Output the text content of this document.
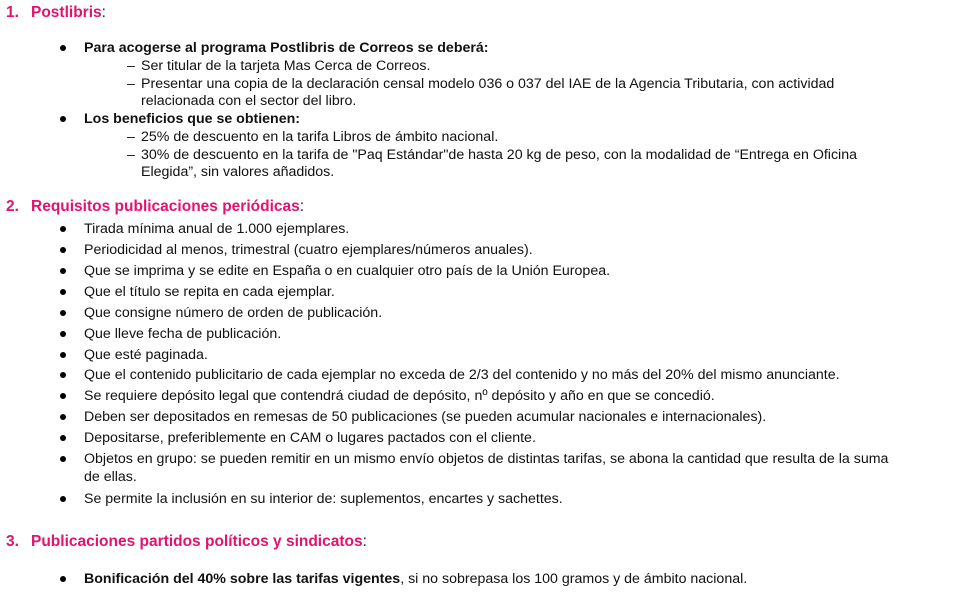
1. Postlibris:
Para acogerse al programa Postlibris de Correos se deberá:
– Ser titular de la tarjeta Mas Cerca de Correos.
– Presentar una copia de la declaración censal modelo 036 o 037 del IAE de la Agencia Tributaria, con actividad
relacionada con el sector del libro.
Los beneficios que se obtienen:
– 25% de descuento en la tarifa Libros de ámbito nacional.
– 30% de descuento en la tarifa de "Paq Estándar"de hasta 20 kg de peso, con la modalidad de “Entrega en Oficina
Elegida”, sin valores añadidos.
2. Requisitos publicaciones periódicas:
Tirada mínima anual de 1.000 ejemplares.
Periodicidad al menos, trimestral (cuatro ejemplares/números anuales).
Que se imprima y se edite en España o en cualquier otro país de la Unión Europea.
Que el título se repita en cada ejemplar.
Que consigne número de orden de publicación.
Que lleve fecha de publicación.
Que esté paginada.
Que el contenido publicitario de cada ejemplar no exceda de 2/3 del contenido y no más del 20% del mismo anunciante.
Se requiere depósito legal que contendrá ciudad de depósito, nº depósito y año en que se concedió.
Deben ser depositados en remesas de 50 publicaciones (se pueden acumular nacionales e internacionales).
Depositarse, preferiblemente en CAM o lugares pactados con el cliente.
Objetos en grupo: se pueden remitir en un mismo envío objetos de distintas tarifas, se abona la cantidad que resulta de la suma
de ellas.
Se permite la inclusión en su interior de: suplementos, encartes y sachettes.
3. Publicaciones partidos políticos y sindicatos:
Bonificación del 40% sobre las tarifas vigentes, si no sobrepasa los 100 gramos y de ámbito nacional.
